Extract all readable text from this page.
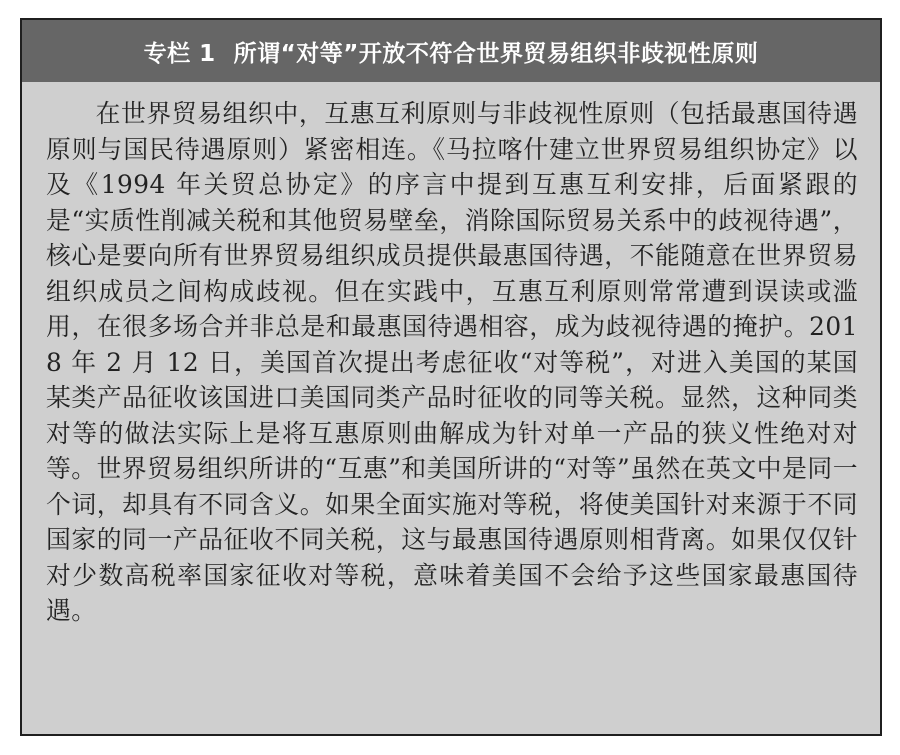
专栏 1 所谓“对等”开放不符合世界贸易组织非歧视性原则

在世界贸易组织中，互惠互利原则与非歧视性原则（包括最惠国待遇原则与国民待遇原则）紧密相连。《马拉喀什建立世界贸易组织协定》以及《1994 年关贸总协定》的序言中提到互惠互利安排，后面紧跟的是“实质性削减关税和其他贸易壁垒，消除国际贸易关系中的歧视待遇”，核心是要向所有世界贸易组织成员提供最惠国待遇，不能随意在世界贸易组织成员之间构成歧视。但在实践中，互惠互利原则常常遭到误读或滥用，在很多场合并非总是和最惠国待遇相容，成为歧视待遇的掩护。2018 年 2 月 12 日，美国首次提出考虑征收“对等税”，对进入美国的某国某类产品征收该国进口美国同类产品时征收的同等关税。显然，这种同类对等的做法实际上是将互惠原则曲解成为针对单一产品的狭义性绝对对等。世界贸易组织所讲的“互惠”和美国所讲的“对等”虽然在英文中是同一个词，却具有不同含义。如果全面实施对等税，将使美国针对来源于不同国家的同一产品征收不同关税，这与最惠国待遇原则相背离。如果仅仅针对少数高税率国家征收对等税，意味着美国不会给予这些国家最惠国待遇。
